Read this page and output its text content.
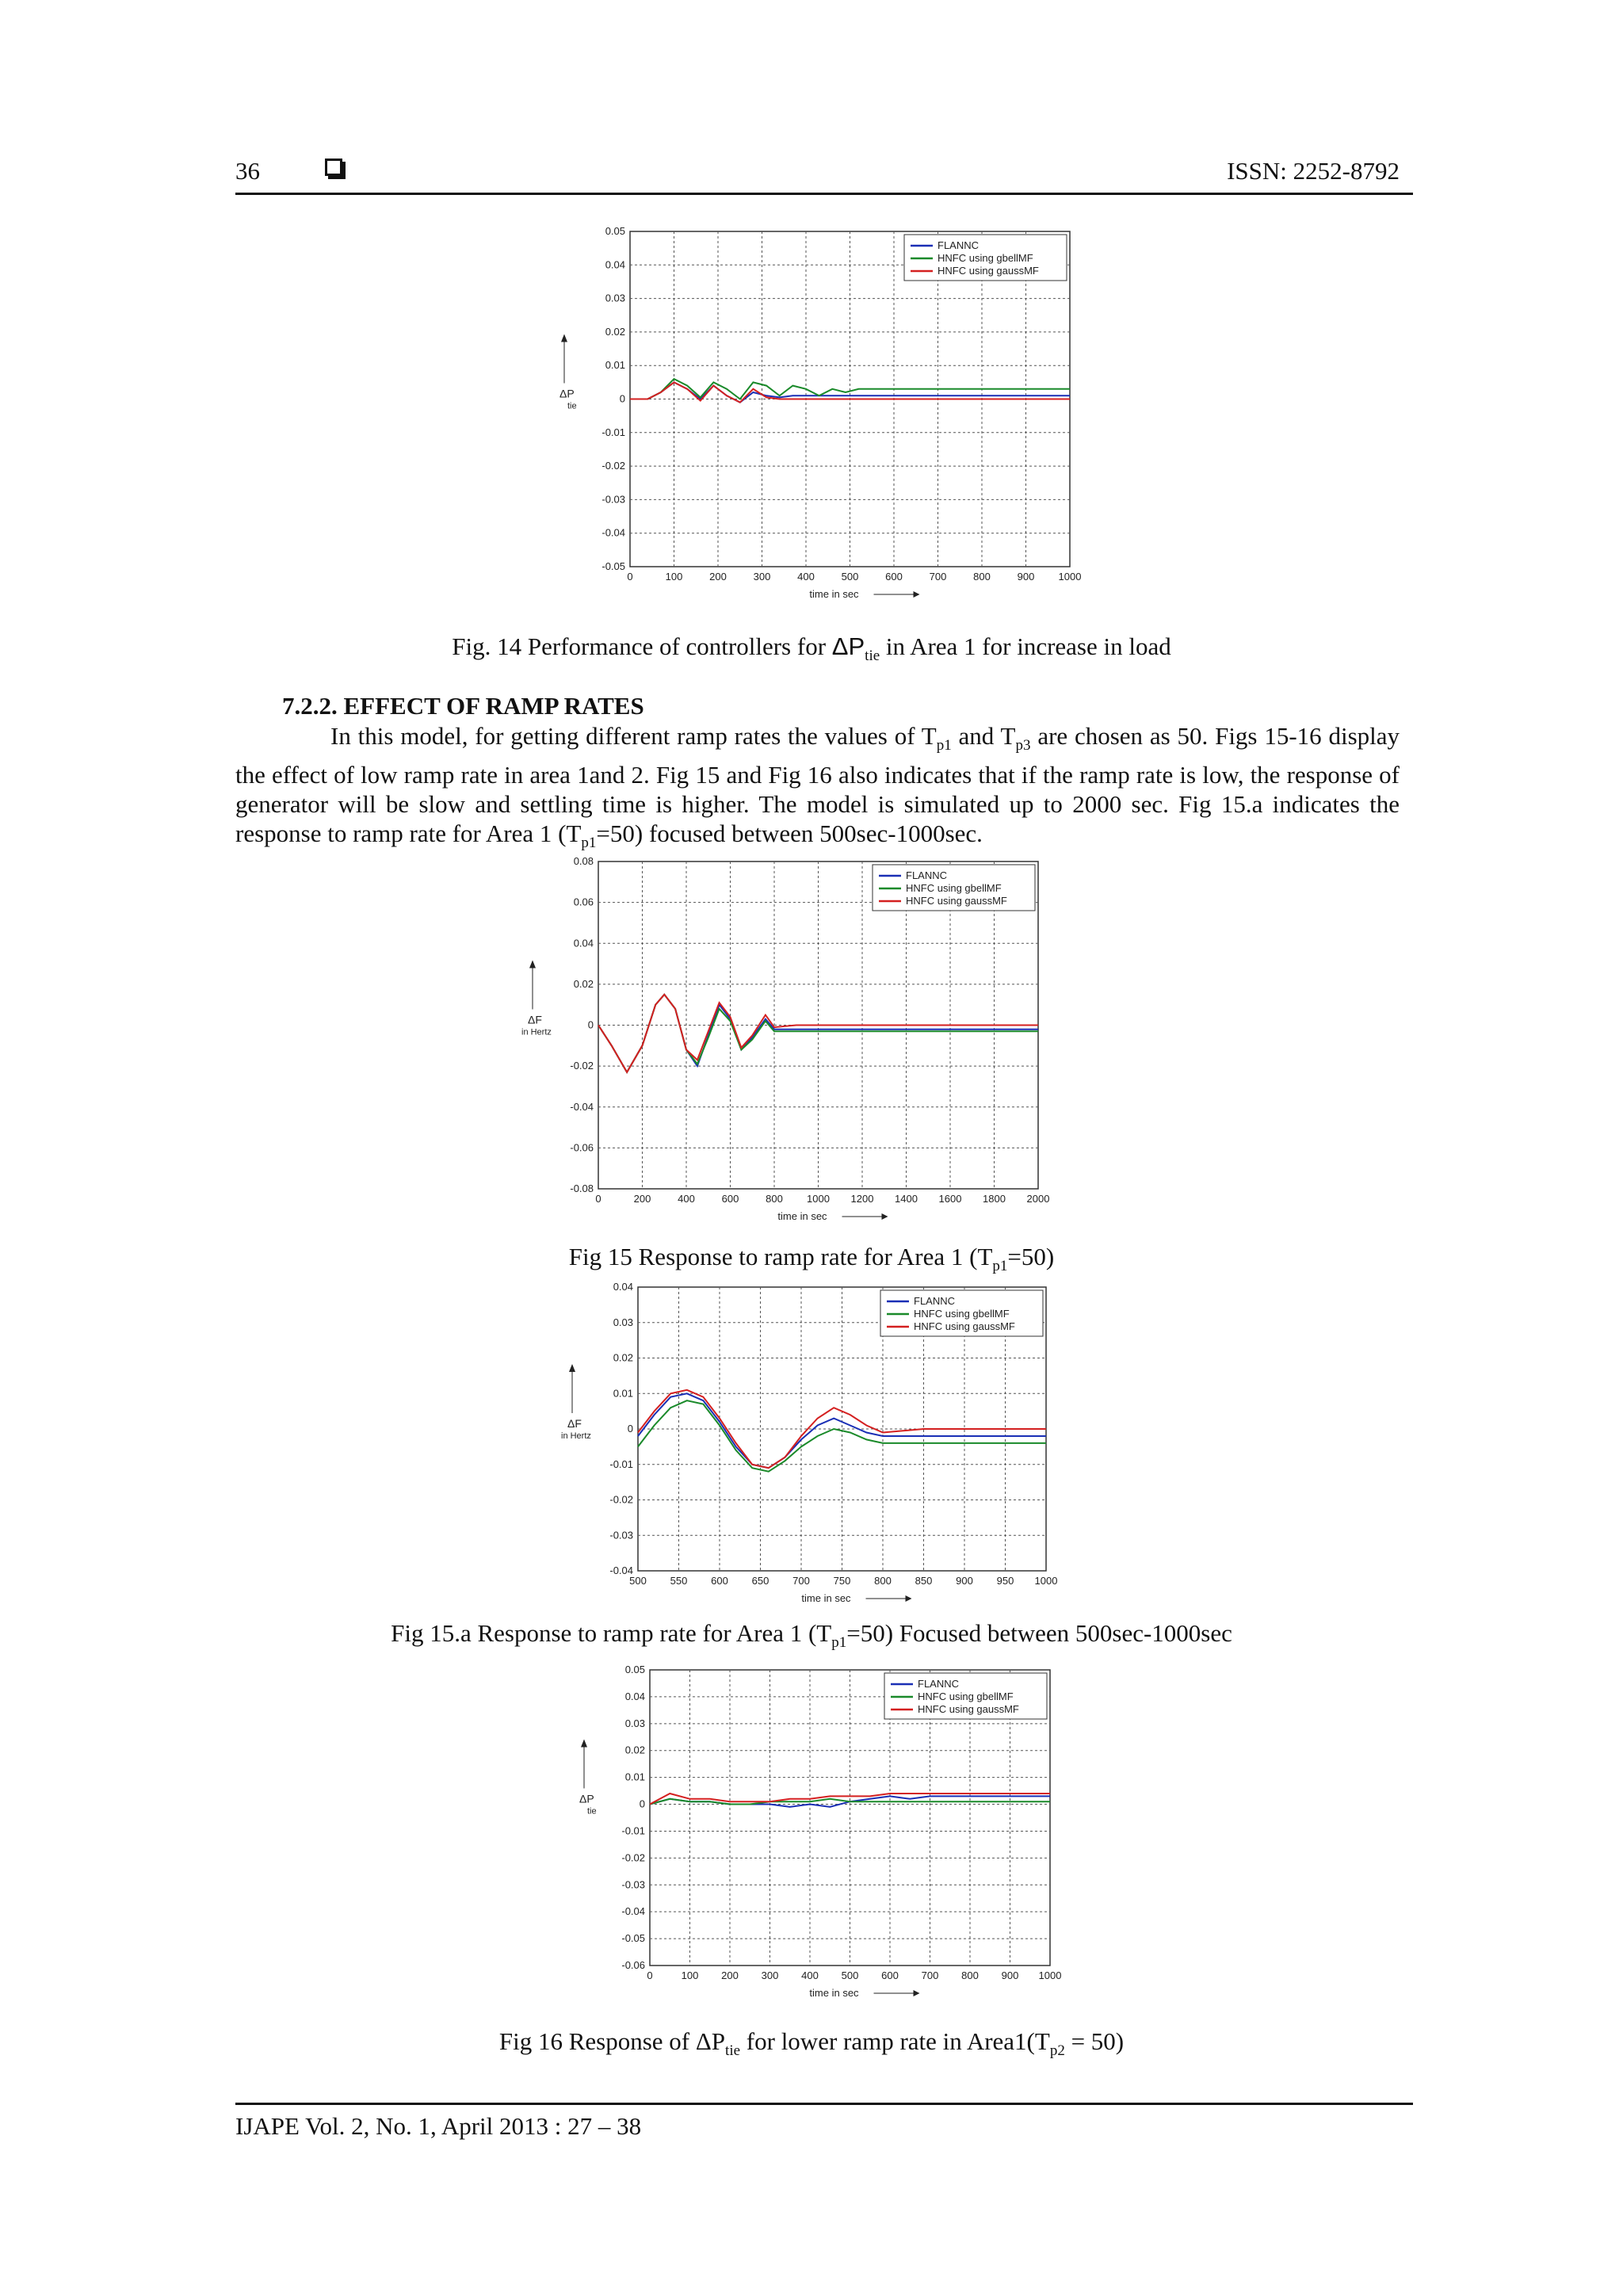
36	ISSN: 2252-8792
0	100	200	300	400	500	600	700	800	900 1000
0.05
0.04
0.03
0.02
0.01
0
-0.01
-0.02
-0.03
-0.04
-0.05
time in sec
ΔP
tie
FLANNC
HNFC using gbellMF
HNFC using gaussMF
Fig. 14 Performance of controllers for $\Delta P_{tie}$ in Area 1 for increase in load
7.2.2. EFFECT OF RAMP RATES
In this model, for getting different ramp rates the values of $T_{p1}$ and $T_{p3}$ are chosen as 50. Figs 15-16 display the effect of low ramp rate in area 1and 2. Fig 15 and Fig 16 also indicates that if the ramp rate is low, the response of generator will be slow and settling time is higher. The model is simulated up to 2000 sec. Fig 15.a indicates the response to ramp rate for Area 1 $(T_{p1}=50)$ focused between 500sec-1000sec.
0	200	400	600	800 1000 1200 1400 1600 1800 2000
0.08
0.06
0.04
0.02
0
-0.02
-0.04
-0.06
-0.08
time in sec
ΔF
in Hertz
FLANNC
HNFC using gbellMF
HNFC using gaussMF
Fig 15 Response to ramp rate for Area 1 $(T_{p1}=50)$
500 550 600 650 700 750 800 850 900 950 1000
0.04
0.03
0.02
0.01
0
-0.01
-0.02
-0.03
-0.04
time in sec
ΔF
in Hertz
FLANNC
HNFC using gbellMF
HNFC using gaussMF
Fig 15.a Response to ramp rate for Area 1 $(T_{p1}=50)$ Focused between 500sec-1000sec
0	100 200 300 400 500 600 700 800 900 1000
0.05
0.04
0.03
0.02
0.01
0
-0.01
-0.02
-0.03
-0.04
-0.05
-0.06
time in sec
ΔP
tie
FLANNC
HNFC using gbellMF
HNFC using gaussMF
Fig 16 Response of $\Delta P_{tie}$ for lower ramp rate in $Area1(T_{p2} = 50)$
IJAPE Vol. 2, No. 1, April 2013 : 27 – 38
